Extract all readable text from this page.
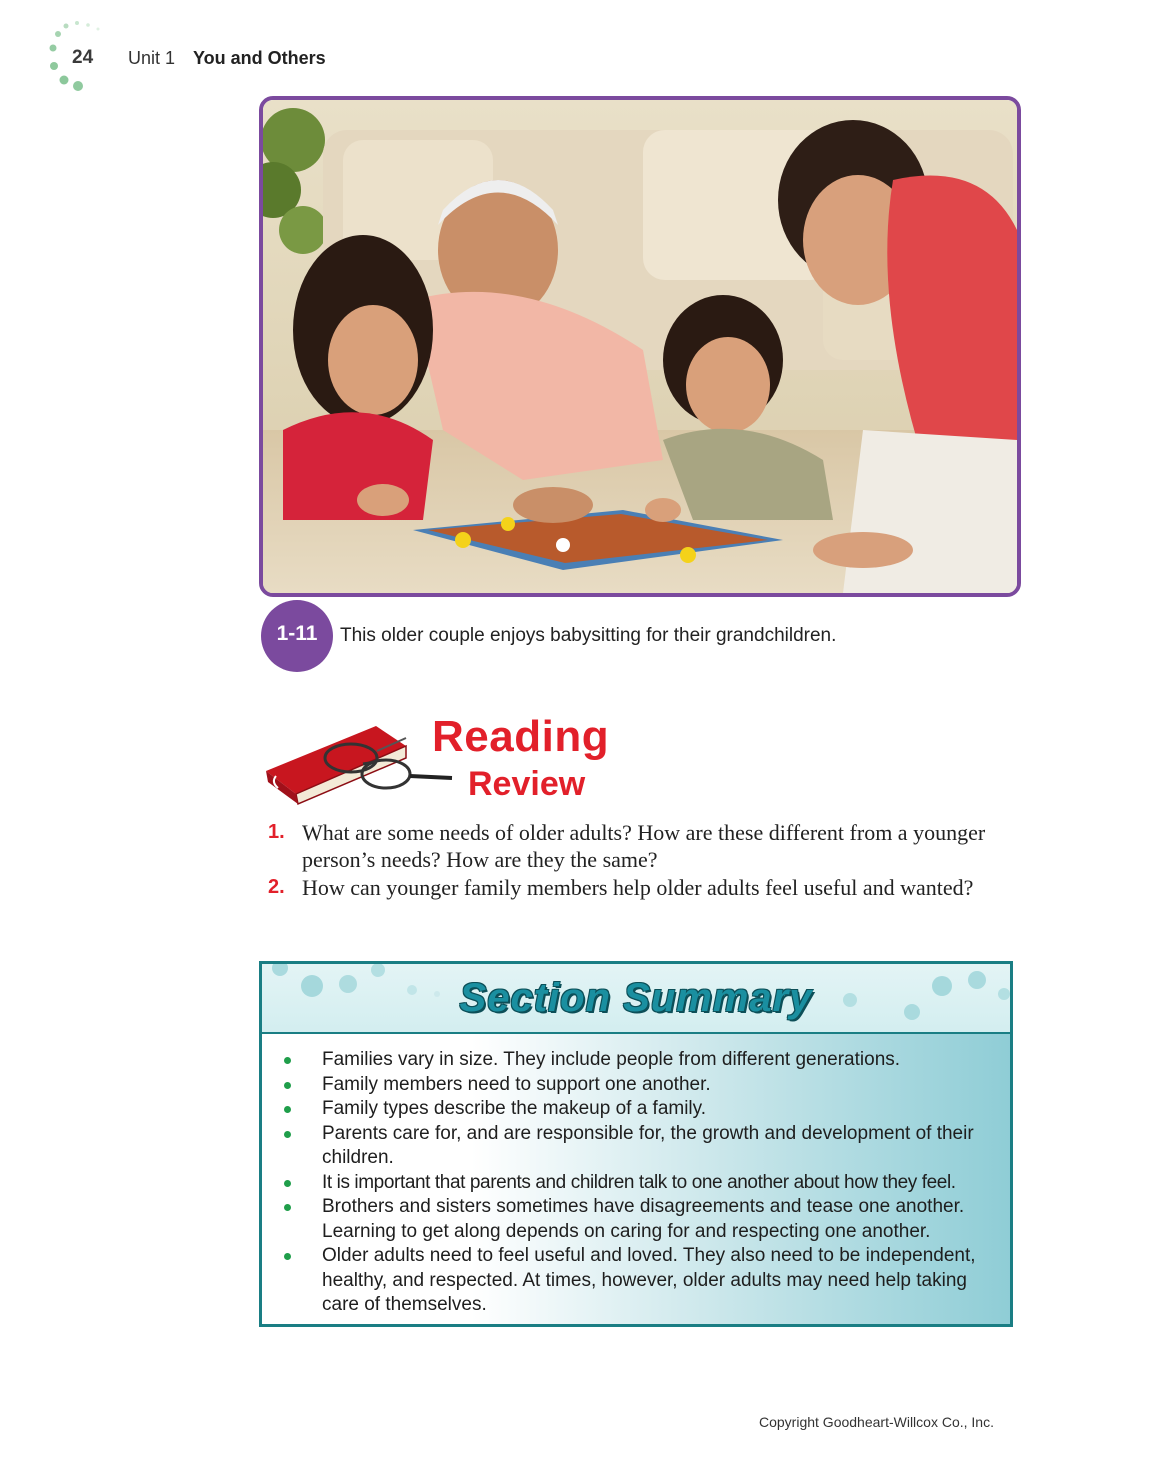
24 Unit 1 You and Others
1-11	This older couple enjoys babysitting for their grandchildren.
Reading
Review
1. What are some needs of older adults? How are these different from a younger person’s needs? How are they the same?
2. How can younger family members help older adults feel useful and wanted?
Section Summary
Families vary in size. They include people from different generations.
Family members need to support one another.
Family types describe the makeup of a family.
Parents care for, and are responsible for, the growth and development of their children.
It is important that parents and children talk to one another about how they feel.
Brothers and sisters sometimes have disagreements and tease one another. Learning to get along depends on caring for and respecting one another.
Older adults need to feel useful and loved. They also need to be independent, healthy, and respected. At times, however, older adults may need help taking care of themselves.
Copyright Goodheart-Willcox Co., Inc.
